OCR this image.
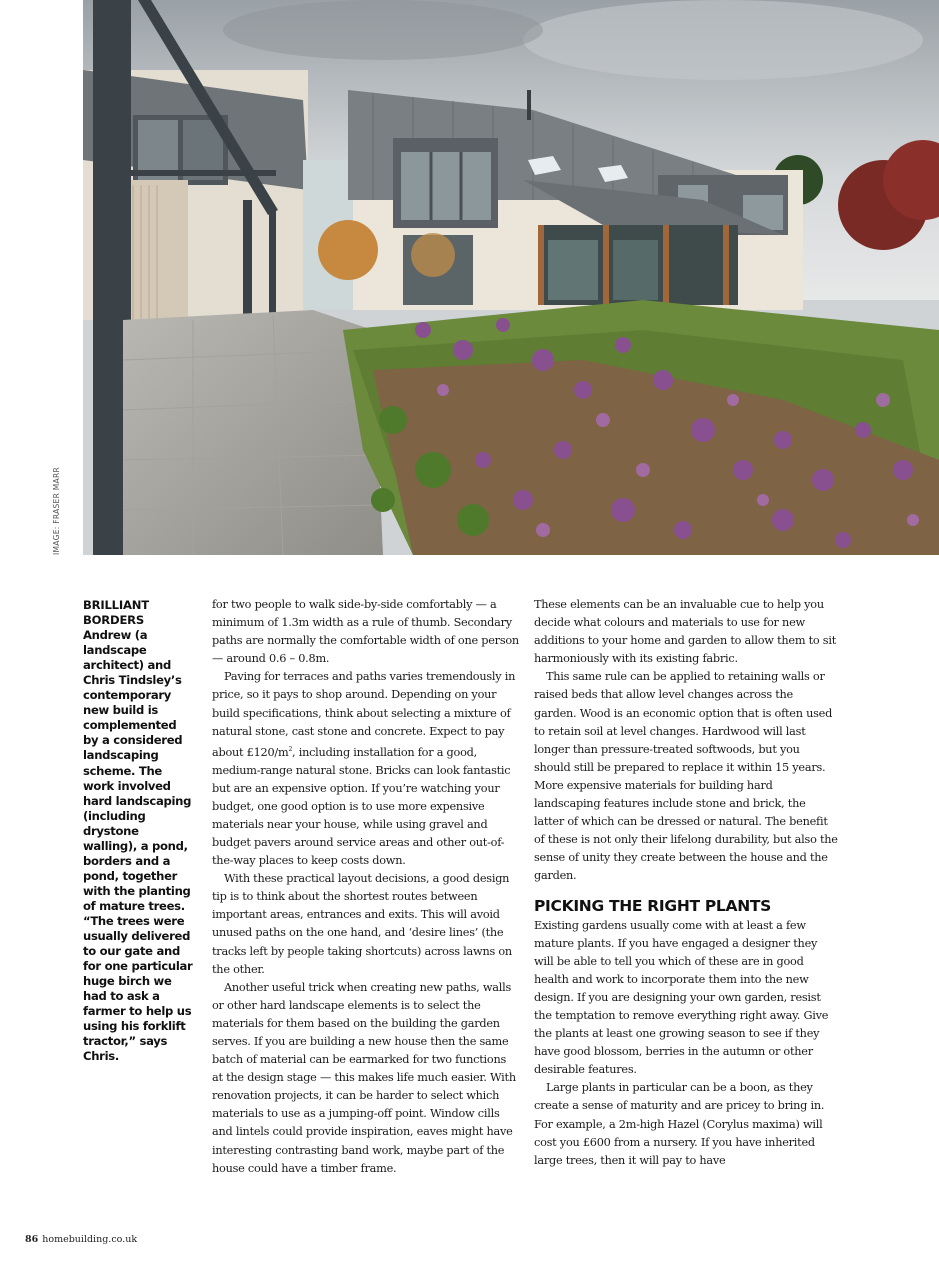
IMAGE: FRASER MARR
BRILLIANT BORDERS
Andrew (a landscape architect) and Chris Tindsley’s contemporary new build is complemented by a considered landscaping scheme. The work involved hard landscaping (including drystone walling), a pond, borders and a pond, together with the planting of mature trees. “The trees were usually delivered to our gate and for one particular huge birch we had to ask a farmer to help us using his forklift tractor,” says Chris.

for two people to walk side-by-side comfortably — a minimum of 1.3m width as a rule of thumb. Secondary paths are normally the comfortable width of one person — around 0.6 – 0.8m.

Paving for terraces and paths varies tremendously in price, so it pays to shop around. Depending on your build specifications, think about selecting a mixture of natural stone, cast stone and concrete. Expect to pay about $£120/m^2$, including installation for a good, medium-range natural stone. Bricks can look fantastic but are an expensive option. If you’re watching your budget, one good option is to use more expensive materials near your house, while using gravel and budget pavers around service areas and other out-of-the-way places to keep costs down.

With these practical layout decisions, a good design tip is to think about the shortest routes between important areas, entrances and exits. This will avoid unused paths on the one hand, and ‘desire lines’ (the tracks left by people taking shortcuts) across lawns on the other.

Another useful trick when creating new paths, walls or other hard landscape elements is to select the materials for them based on the building the garden serves. If you are building a new house then the same batch of material can be earmarked for two functions at the design stage — this makes life much easier. With renovation projects, it can be harder to select which materials to use as a jumping-off point. Window cills and lintels could provide inspiration, eaves might have interesting contrasting band work, maybe part of the house could have a timber frame.

These elements can be an invaluable cue to help you decide what colours and materials to use for new additions to your home and garden to allow them to sit harmoniously with its existing fabric.

This same rule can be applied to retaining walls or raised beds that allow level changes across the garden. Wood is an economic option that is often used to retain soil at level changes. Hardwood will last longer than pressure-treated softwoods, but you should still be prepared to replace it within 15 years. More expensive materials for building hard landscaping features include stone and brick, the latter of which can be dressed or natural. The benefit of these is not only their lifelong durability, but also the sense of unity they create between the house and the garden.

PICKING THE RIGHT PLANTS

Existing gardens usually come with at least a few mature plants. If you have engaged a designer they will be able to tell you which of these are in good health and work to incorporate them into the new design. If you are designing your own garden, resist the temptation to remove everything right away. Give the plants at least one growing season to see if they have good blossom, berries in the autumn or other desirable features.

Large plants in particular can be a boon, as they create a sense of maturity and are pricey to bring in. For example, a 2m-high Hazel (Corylus maxima) will cost you £600 from a nursery. If you have inherited large trees, then it will pay to have

86 homebuilding.co.uk
